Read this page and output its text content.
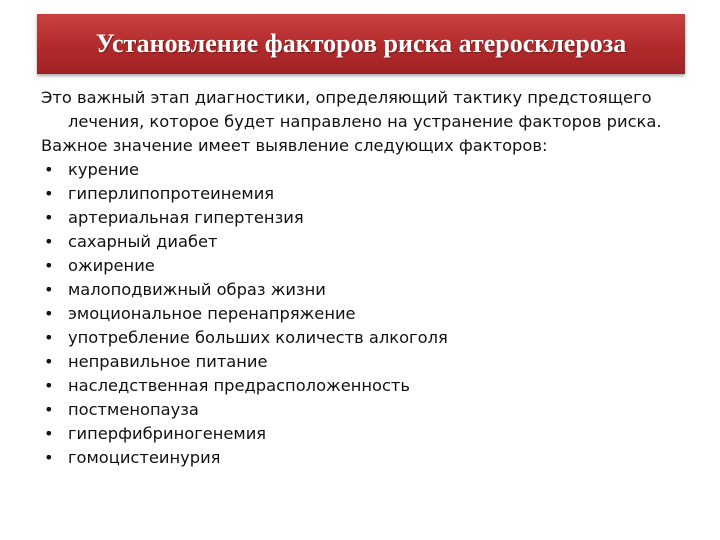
Установление факторов риска атеросклероза

Это важный этап диагностики, определяющий тактику предстоящего

лечения, которое будет направлено на устранение факторов риска.

Важное значение имеет выявление следующих факторов:

• курение
• гиперлипопротеинемия
• артериальная гипертензия
• сахарный диабет
• ожирение
• малоподвижный образ жизни
• эмоциональное перенапряжение
• употребление больших количеств алкоголя
• неправильное питание
• наследственная предрасположенность
• постменопауза
• гиперфибриногенемия
• гомоцистеинурия
